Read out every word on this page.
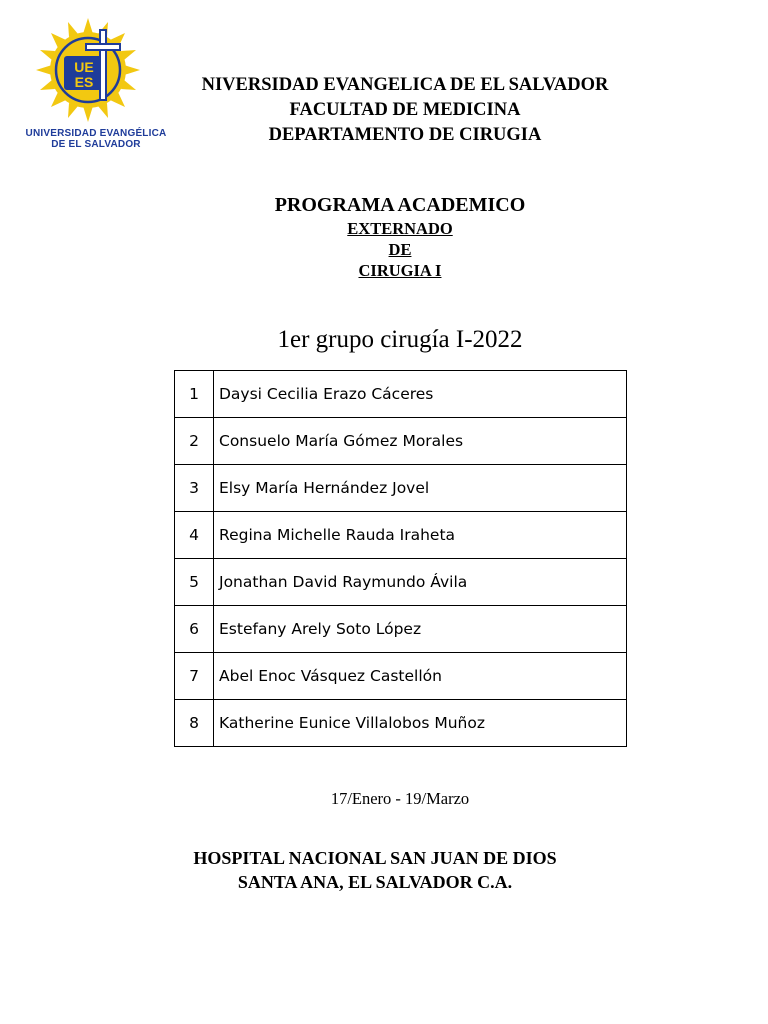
UE
ES
UNIVERSIDAD EVANGÉLICA
DE EL SALVADOR
NIVERSIDAD EVANGELICA DE EL SALVADOR
FACULTAD DE MEDICINA
DEPARTAMENTO DE CIRUGIA
PROGRAMA ACADEMICO
EXTERNADO
DE
CIRUGIA I
1er grupo cirugía I-2022
1	Daysi Cecilia Erazo Cáceres
2	Consuelo María Gómez Morales
3	Elsy María Hernández Jovel
4	Regina Michelle Rauda Iraheta
5	Jonathan David Raymundo Ávila
6	Estefany Arely Soto López
7	Abel Enoc Vásquez Castellón
8	Katherine Eunice Villalobos Muñoz
17/Enero - 19/Marzo
HOSPITAL NACIONAL SAN JUAN DE DIOS
SANTA ANA, EL SALVADOR C.A.
